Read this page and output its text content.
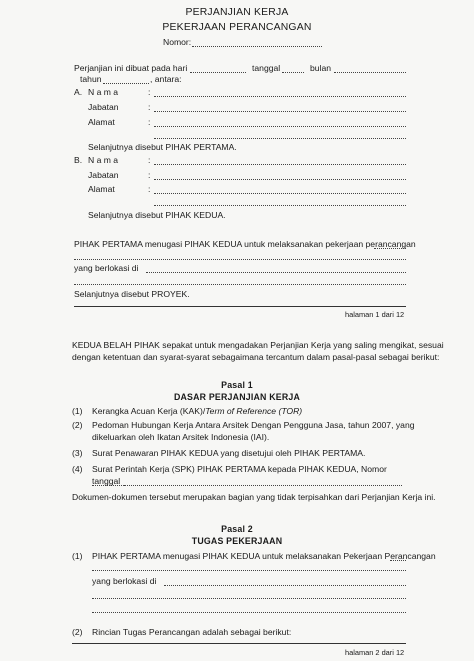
PERJANJIAN KERJA
PEKERJAAN PERANCANGAN
Nomor:
Perjanjian ini dibuat pada hari	tanggal	bulan
tahun	, antara:
A. N a m a	:
Jabatan	:
Alamat	:
Selanjutnya disebut PIHAK PERTAMA.
B. N a m a	:
Jabatan	:
Alamat	:
Selanjutnya disebut PIHAK KEDUA.
PIHAK PERTAMA menugasi PIHAK KEDUA untuk melaksanakan pekerjaan perancangan
yang berlokasi di
Selanjutnya disebut PROYEK.
halaman 1 dari 12
KEDUA BELAH PIHAK sepakat untuk mengadakan Perjanjian Kerja yang saling mengikat, sesuai
dengan ketentuan dan syarat-syarat sebagaimana tercantum dalam pasal-pasal sebagai berikut:
Pasal 1
DASAR PERJANJIAN KERJA
(1) Kerangka Acuan Kerja (KAK)/Term of Reference (TOR)
(2) Pedoman Hubungan Kerja Antara Arsitek Dengan Pengguna Jasa, tahun 2007, yang
dikeluarkan oleh Ikatan Arsitek Indonesia (IAI).
(3) Surat Penawaran PIHAK KEDUA yang disetujui oleh PIHAK PERTAMA.
(4) Surat Perintah Kerja (SPK) PIHAK PERTAMA kepada PIHAK KEDUA, Nomor
tanggal
Dokumen-dokumen tersebut merupakan bagian yang tidak terpisahkan dari Perjanjian Kerja ini.
Pasal 2
TUGAS PEKERJAAN
(1) PIHAK PERTAMA menugasi PIHAK KEDUA untuk melaksanakan Pekerjaan Perancangan
yang berlokasi di
(2) Rincian Tugas Perancangan adalah sebagai berikut:
halaman 2 dari 12
